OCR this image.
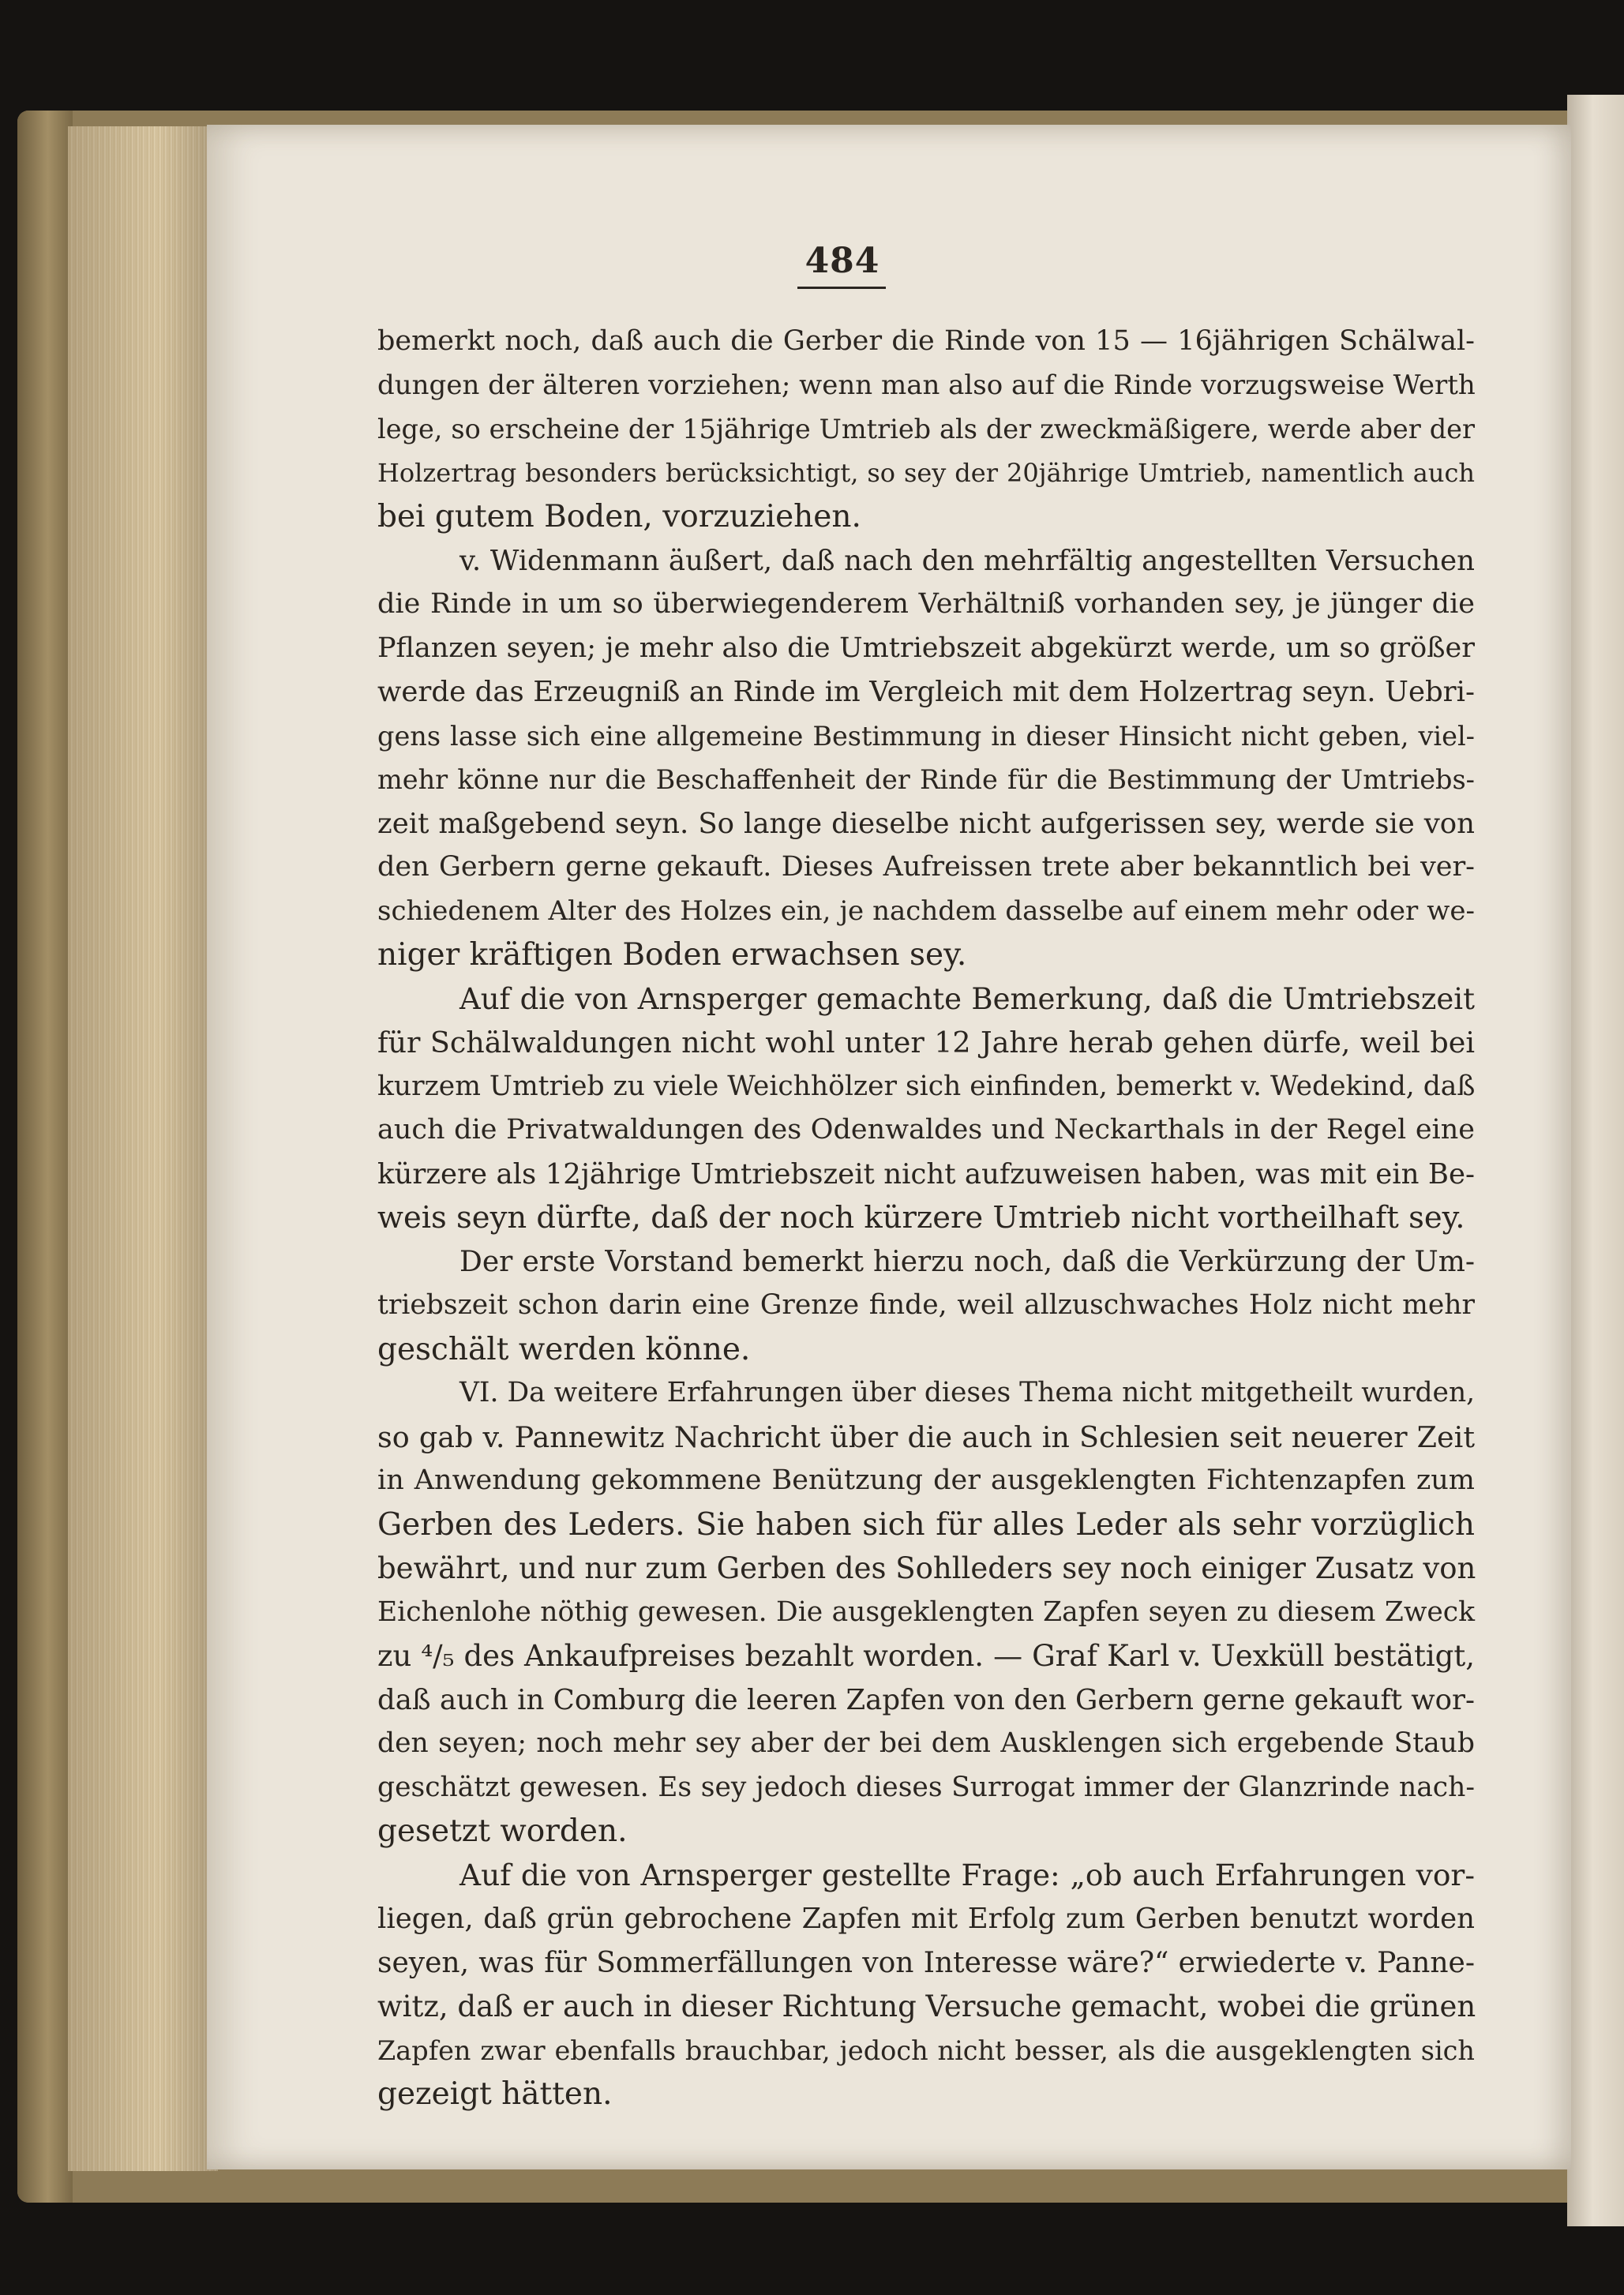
484
bemerkt noch, daß auch die Gerber die Rinde von 15 — 16jährigen Schälwal-
dungen der älteren vorziehen; wenn man also auf die Rinde vorzugsweise Werth
lege, so erscheine der 15jährige Umtrieb als der zweckmäßigere, werde aber der
Holzertrag besonders berücksichtigt, so sey der 20jährige Umtrieb, namentlich auch
bei gutem Boden, vorzuziehen.
v. Widenmann äußert, daß nach den mehrfältig angestellten Versuchen
die Rinde in um so überwiegenderem Verhältniß vorhanden sey, je jünger die
Pflanzen seyen; je mehr also die Umtriebszeit abgekürzt werde, um so größer
werde das Erzeugniß an Rinde im Vergleich mit dem Holzertrag seyn. Uebri-
gens lasse sich eine allgemeine Bestimmung in dieser Hinsicht nicht geben, viel-
mehr könne nur die Beschaffenheit der Rinde für die Bestimmung der Umtriebs-
zeit maßgebend seyn. So lange dieselbe nicht aufgerissen sey, werde sie von
den Gerbern gerne gekauft. Dieses Aufreissen trete aber bekanntlich bei ver-
schiedenem Alter des Holzes ein, je nachdem dasselbe auf einem mehr oder we-
niger kräftigen Boden erwachsen sey.
Auf die von Arnsperger gemachte Bemerkung, daß die Umtriebszeit
für Schälwaldungen nicht wohl unter 12 Jahre herab gehen dürfe, weil bei
kurzem Umtrieb zu viele Weichhölzer sich einfinden, bemerkt v. Wedekind, daß
auch die Privatwaldungen des Odenwaldes und Neckarthals in der Regel eine
kürzere als 12jährige Umtriebszeit nicht aufzuweisen haben, was mit ein Be-
weis seyn dürfte, daß der noch kürzere Umtrieb nicht vortheilhaft sey.
Der erste Vorstand bemerkt hierzu noch, daß die Verkürzung der Um-
triebszeit schon darin eine Grenze finde, weil allzuschwaches Holz nicht mehr
geschält werden könne.
VI. Da weitere Erfahrungen über dieses Thema nicht mitgetheilt wurden,
so gab v. Pannewitz Nachricht über die auch in Schlesien seit neuerer Zeit
in Anwendung gekommene Benützung der ausgeklengten Fichtenzapfen zum
Gerben des Leders. Sie haben sich für alles Leder als sehr vorzüglich
bewährt, und nur zum Gerben des Sohlleders sey noch einiger Zusatz von
Eichenlohe nöthig gewesen. Die ausgeklengten Zapfen seyen zu diesem Zweck
zu ⁴/₅ des Ankaufpreises bezahlt worden. — Graf Karl v. Uexküll bestätigt,
daß auch in Comburg die leeren Zapfen von den Gerbern gerne gekauft wor-
den seyen; noch mehr sey aber der bei dem Ausklengen sich ergebende Staub
geschätzt gewesen. Es sey jedoch dieses Surrogat immer der Glanzrinde nach-
gesetzt worden.
Auf die von Arnsperger gestellte Frage: „ob auch Erfahrungen vor-
liegen, daß grün gebrochene Zapfen mit Erfolg zum Gerben benutzt worden
seyen, was für Sommerfällungen von Interesse wäre?“ erwiederte v. Panne-
witz, daß er auch in dieser Richtung Versuche gemacht, wobei die grünen
Zapfen zwar ebenfalls brauchbar, jedoch nicht besser, als die ausgeklengten sich
gezeigt hätten.
